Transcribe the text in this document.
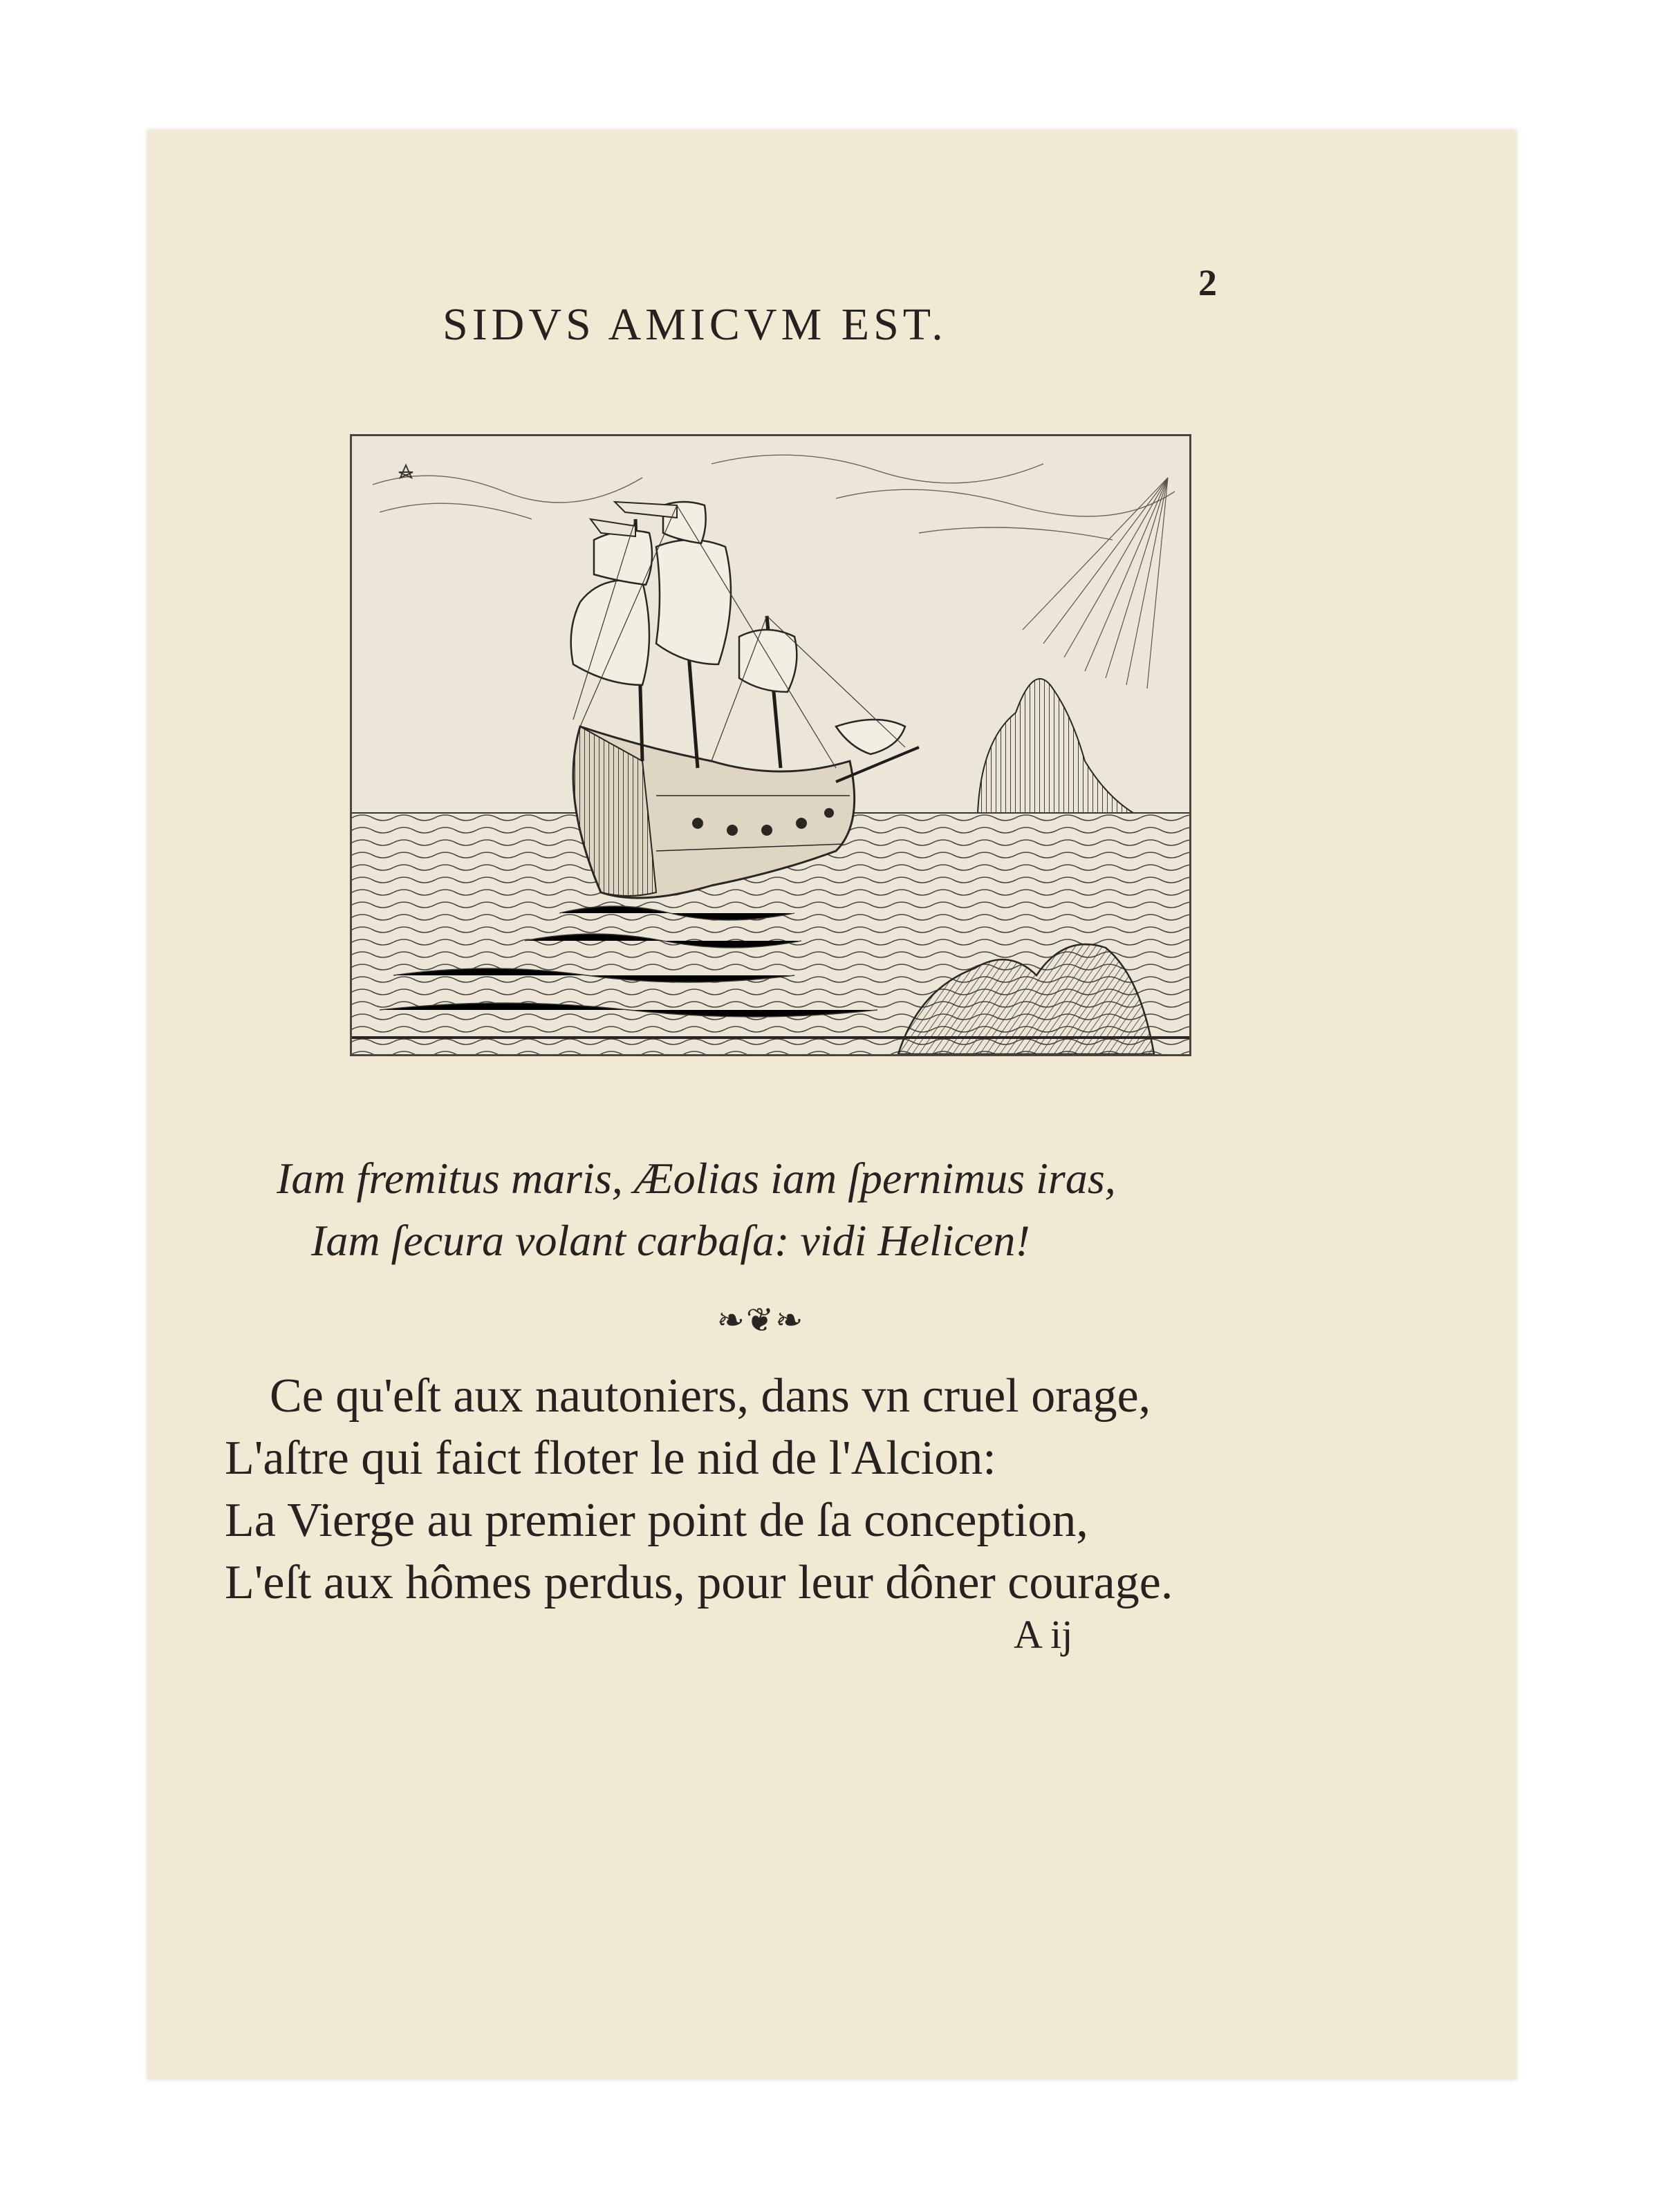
SIDVS AMICVM EST.
2
Iam fremitus maris, Æolias iam ſpernimus iras,
Iam ſecura volant carbaſa: vidi Helicen!
❧❦❧
Ce qu'eſt aux nautoniers, dans vn cruel orage,
L'aſtre qui faict floter le nid de l'Alcion:
La Vierge au premier point de ſa conception,
L'eſt aux hômes perdus, pour leur dôner courage.
A ij
